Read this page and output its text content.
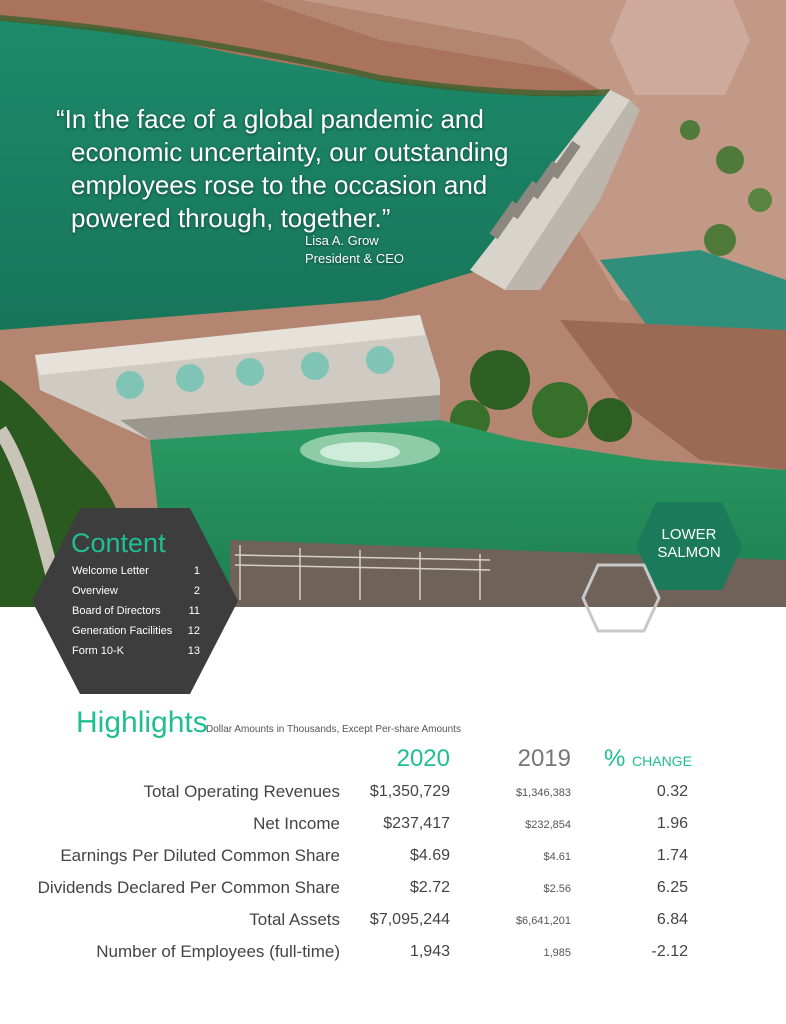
“In the face of a global pandemic and
economic uncertainty, our outstanding
employees rose to the occasion and
powered through, together.”
Lisa A. Grow
President & CEO
LOWER
SALMON
Content
Welcome Letter	1
Overview	2
Board of Directors	11
Generation Facilities 12
Form 10-K	13
Highlights
Dollar Amounts in Thousands, Except Per-share Amounts
2020	2019 % CHANGE
Total Operating Revenues	$1,350,729	$1,346,383	0.32
Net Income	$237,417	$232,854	1.96
Earnings Per Diluted Common Share	$4.69	$4.61	1.74
Dividends Declared Per Common Share	$2.72	$2.56	6.25
Total Assets	$7,095,244	$6,641,201	6.84
Number of Employees (full-time)	1,943	1,985	-2.12
